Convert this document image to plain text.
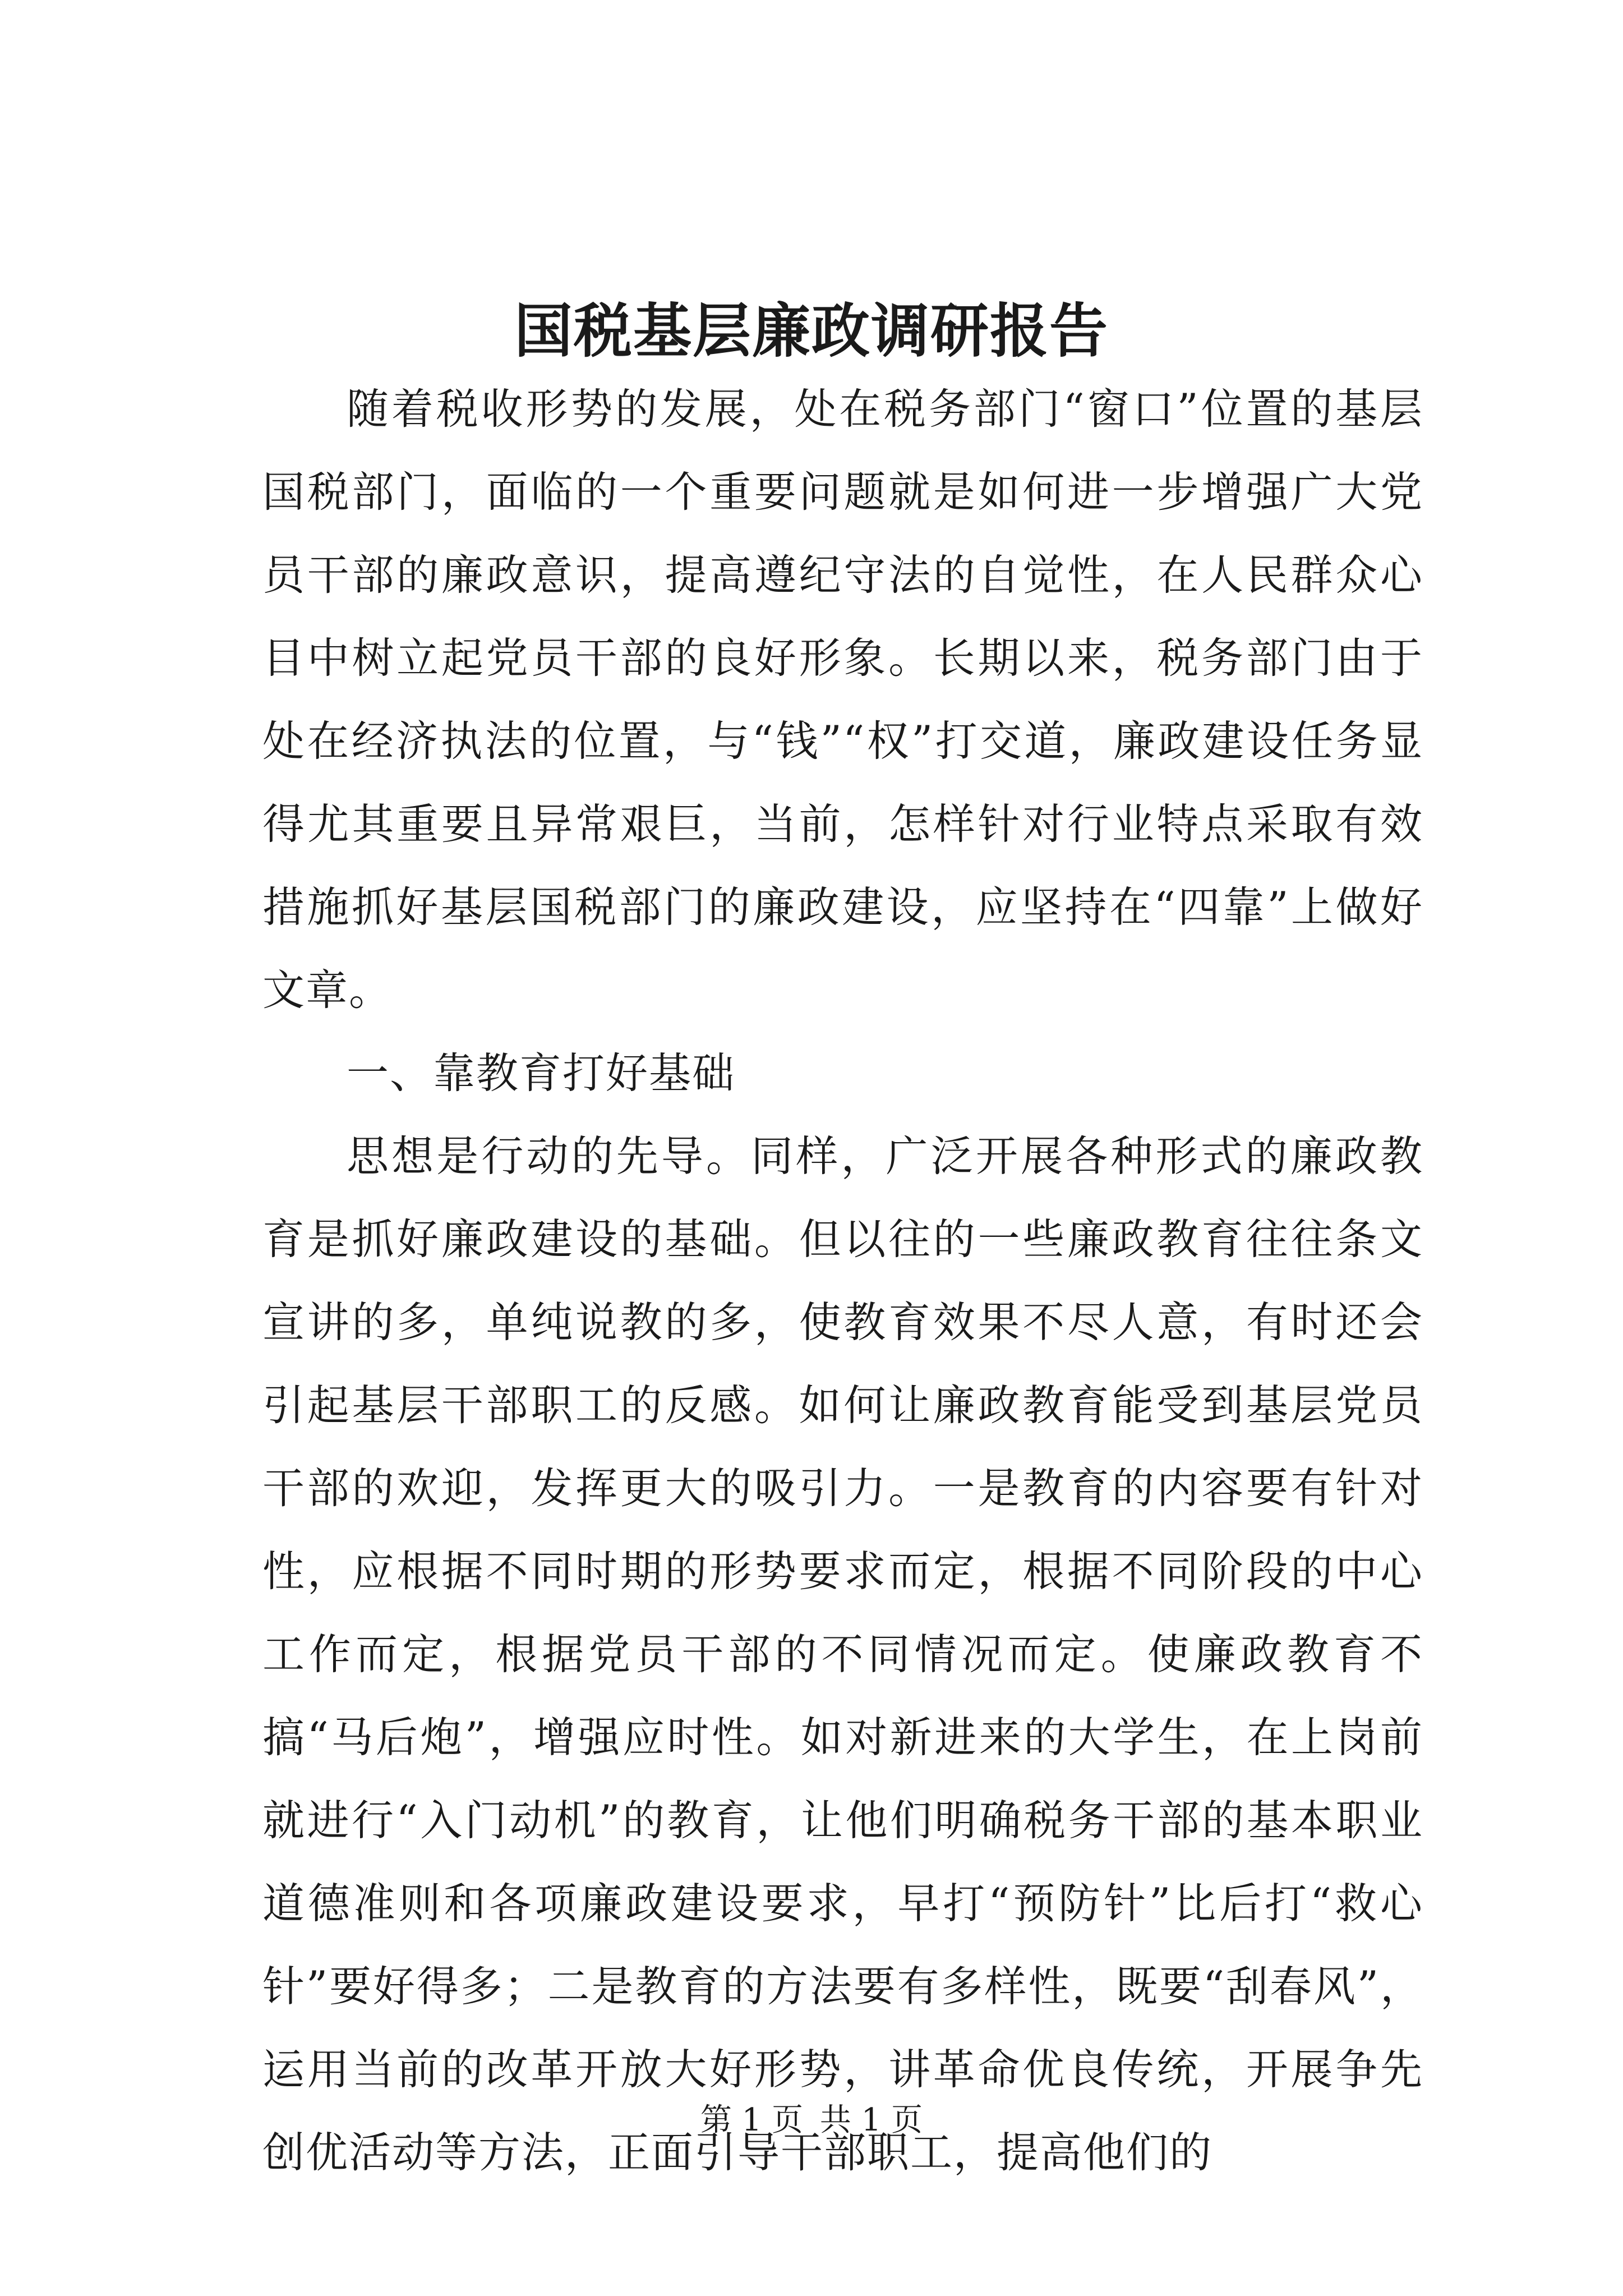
国税基层廉政调研报告

随着税收形势的发展，处在税务部门“窗口”位置的基层国税部门，面临的一个重要问题就是如何进一步增强广大党员干部的廉政意识，提高遵纪守法的自觉性，在人民群众心目中树立起党员干部的良好形象。长期以来，税务部门由于处在经济执法的位置，与“钱”“权”打交道，廉政建设任务显得尤其重要且异常艰巨，当前，怎样针对行业特点采取有效措施抓好基层国税部门的廉政建设，应坚持在“四靠”上做好文章。

一、靠教育打好基础

思想是行动的先导。同样，广泛开展各种形式的廉政教育是抓好廉政建设的基础。但以往的一些廉政教育往往条文宣讲的多，单纯说教的多，使教育效果不尽人意，有时还会引起基层干部职工的反感。如何让廉政教育能受到基层党员干部的欢迎，发挥更大的吸引力。一是教育的内容要有针对性，应根据不同时期的形势要求而定，根据不同阶段的中心工作而定，根据党员干部的不同情况而定。使廉政教育不搞“马后炮”，增强应时性。如对新进来的大学生，在上岗前就进行“入门动机”的教育，让他们明确税务干部的基本职业道德准则和各项廉政建设要求，早打“预防针”比后打“救心针”要好得多；二是教育的方法要有多样性，既要“刮春风”，运用当前的改革开放大好形势，讲革命优良传统，开展争先创优活动等方法，正面引导干部职工，提高他们的

第 1 页 共 1 页
